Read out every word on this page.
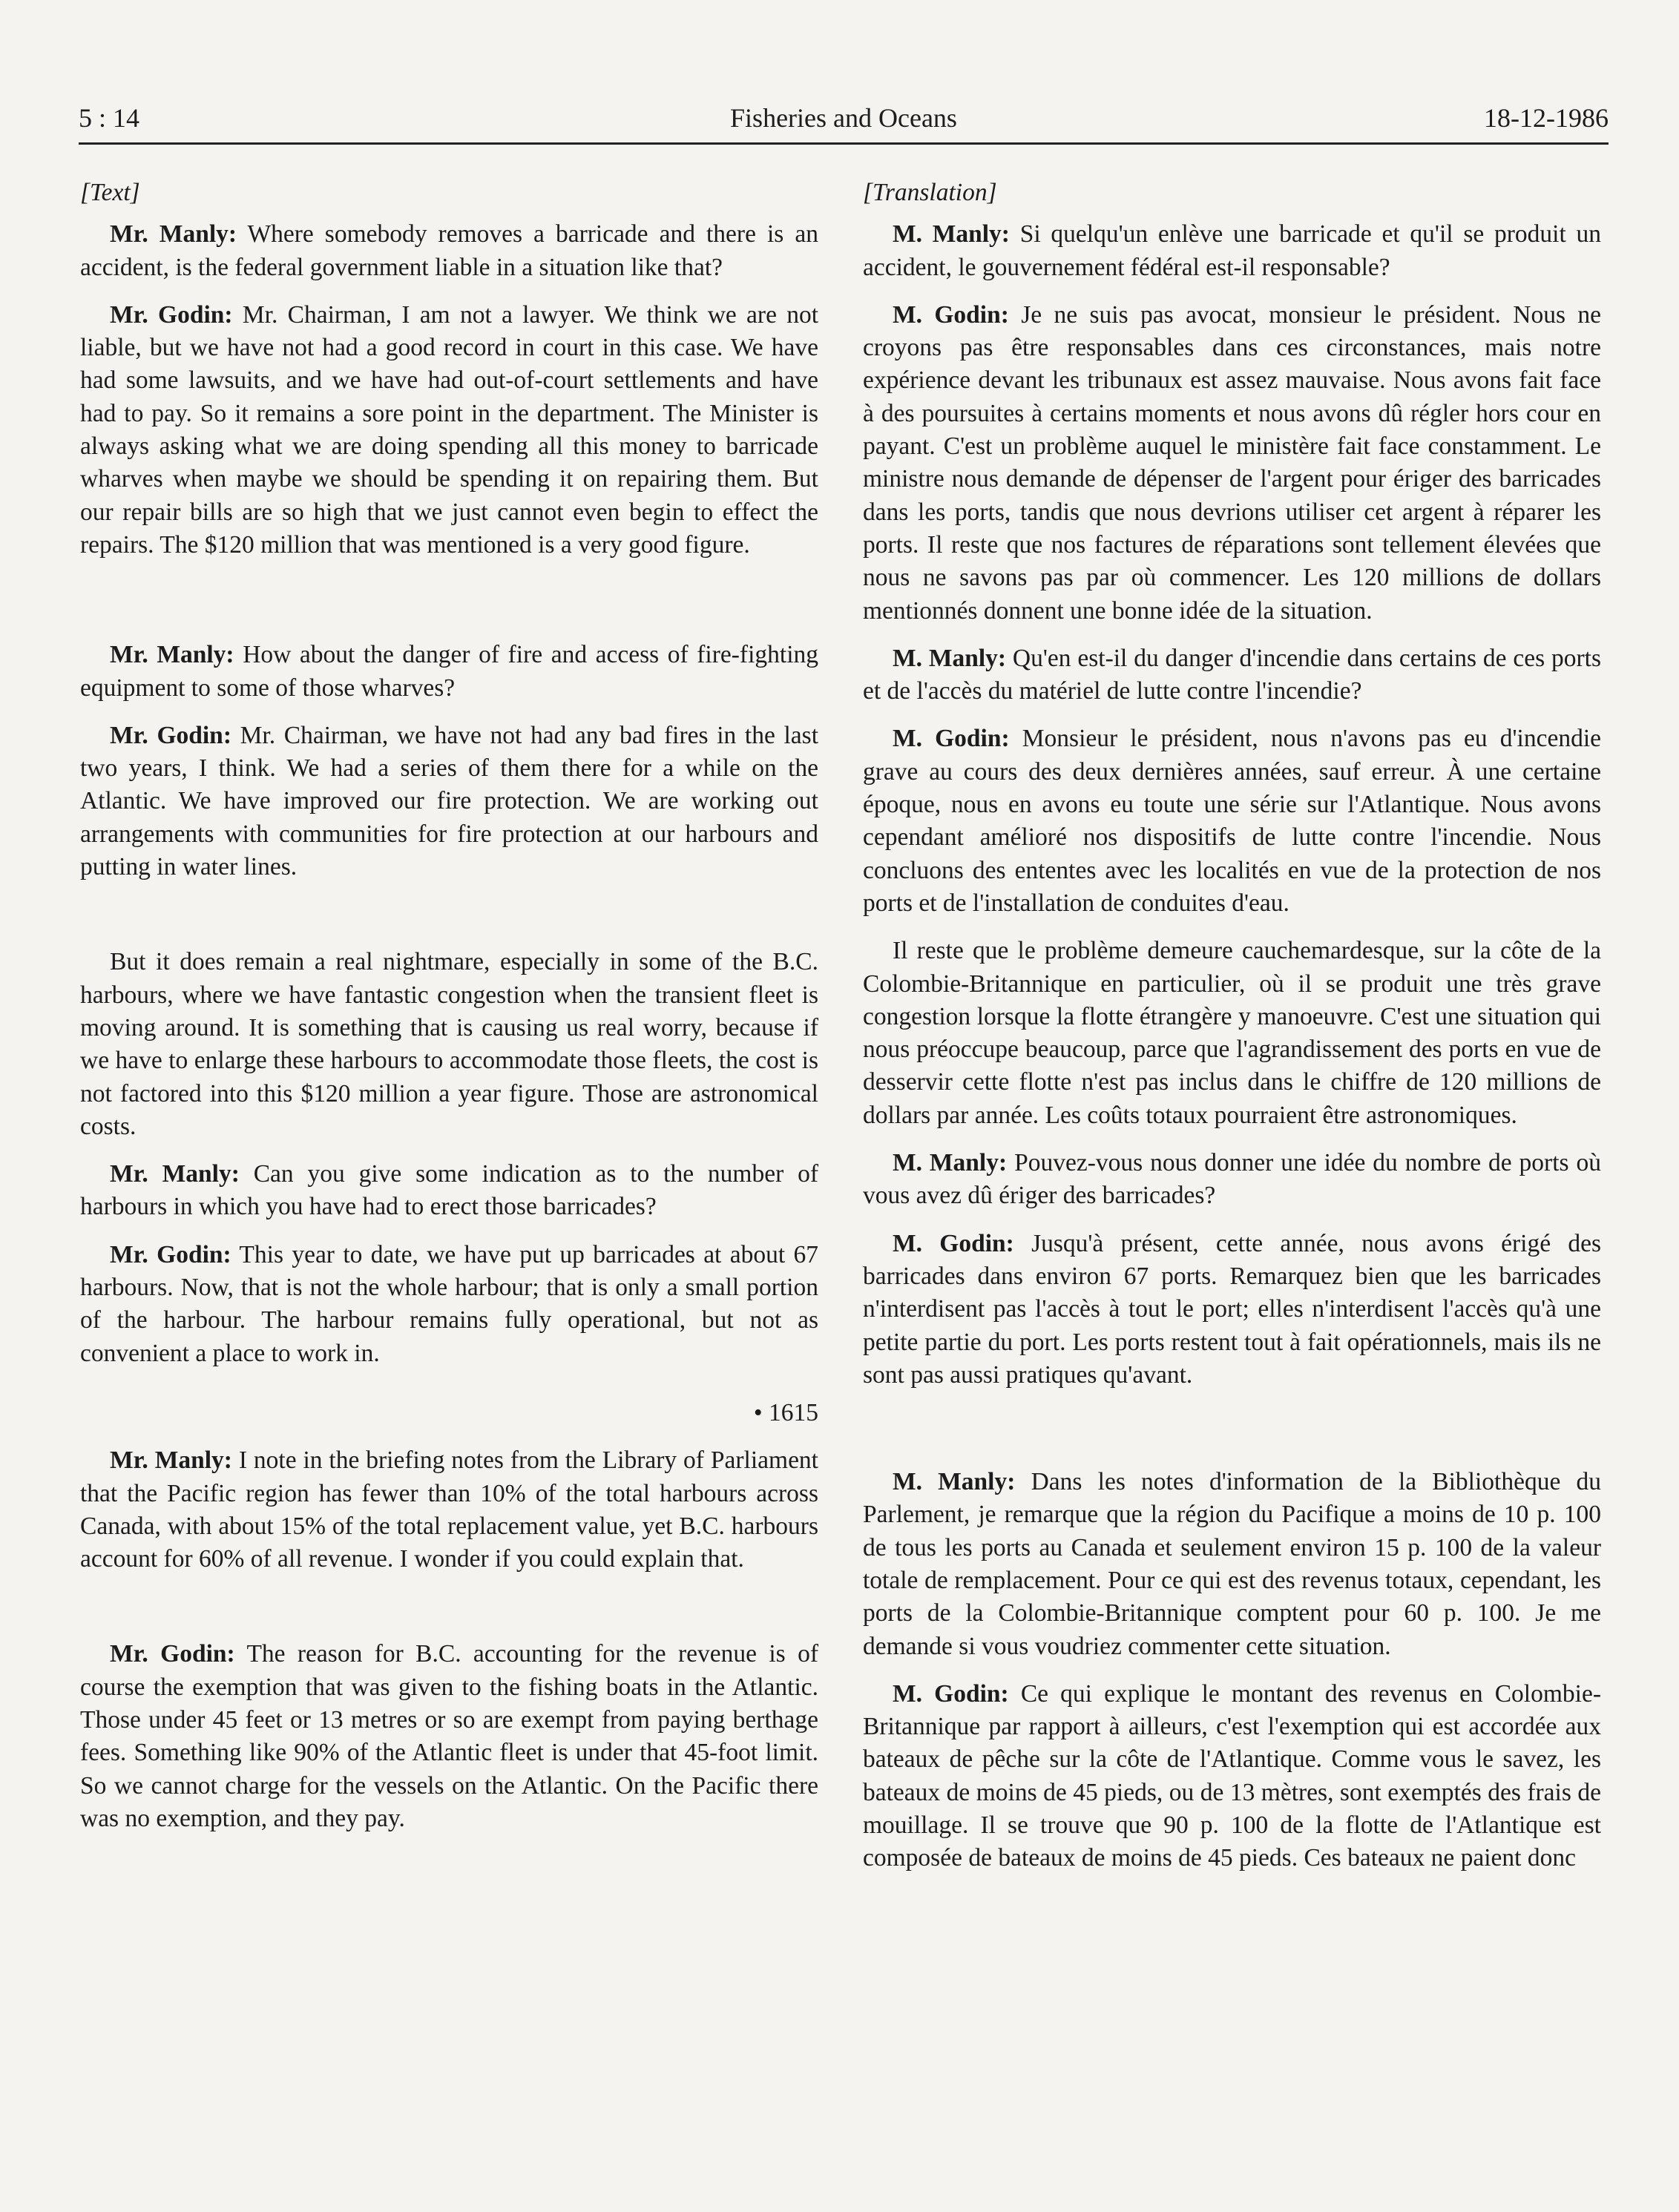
5 : 14	Fisheries and Oceans	18-12-1986

[Text]

Mr. Manly: Where somebody removes a barricade and there is an accident, is the federal government liable in a situation like that?

Mr. Godin: Mr. Chairman, I am not a lawyer. We think we are not liable, but we have not had a good record in court in this case. We have had some lawsuits, and we have had out-of-court settlements and have had to pay. So it remains a sore point in the department. The Minister is always asking what we are doing spending all this money to barricade wharves when maybe we should be spending it on repairing them. But our repair bills are so high that we just cannot even begin to effect the repairs. The $120 million that was mentioned is a very good figure.

Mr. Manly: How about the danger of fire and access of fire-fighting equipment to some of those wharves?

Mr. Godin: Mr. Chairman, we have not had any bad fires in the last two years, I think. We had a series of them there for a while on the Atlantic. We have improved our fire protection. We are working out arrangements with communities for fire protection at our harbours and putting in water lines.

But it does remain a real nightmare, especially in some of the B.C. harbours, where we have fantastic congestion when the transient fleet is moving around. It is something that is causing us real worry, because if we have to enlarge these harbours to accommodate those fleets, the cost is not factored into this $120 million a year figure. Those are astronomical costs.

Mr. Manly: Can you give some indication as to the number of harbours in which you have had to erect those barricades?

Mr. Godin: This year to date, we have put up barricades at about 67 harbours. Now, that is not the whole harbour; that is only a small portion of the harbour. The harbour remains fully operational, but not as convenient a place to work in.

• 1615

Mr. Manly: I note in the briefing notes from the Library of Parliament that the Pacific region has fewer than 10% of the total harbours across Canada, with about 15% of the total replacement value, yet B.C. harbours account for 60% of all revenue. I wonder if you could explain that.

Mr. Godin: The reason for B.C. accounting for the revenue is of course the exemption that was given to the fishing boats in the Atlantic. Those under 45 feet or 13 metres or so are exempt from paying berthage fees. Something like 90% of the Atlantic fleet is under that 45-foot limit. So we cannot charge for the vessels on the Atlantic. On the Pacific there was no exemption, and they pay.

[Translation]

M. Manly: Si quelqu'un enlève une barricade et qu'il se produit un accident, le gouvernement fédéral est-il responsable?

M. Godin: Je ne suis pas avocat, monsieur le président. Nous ne croyons pas être responsables dans ces circonstances, mais notre expérience devant les tribunaux est assez mauvaise. Nous avons fait face à des poursuites à certains moments et nous avons dû régler hors cour en payant. C'est un problème auquel le ministère fait face constamment. Le ministre nous demande de dépenser de l'argent pour ériger des barricades dans les ports, tandis que nous devrions utiliser cet argent à réparer les ports. Il reste que nos factures de réparations sont tellement élevées que nous ne savons pas par où commencer. Les 120 millions de dollars mentionnés donnent une bonne idée de la situation.

M. Manly: Qu'en est-il du danger d'incendie dans certains de ces ports et de l'accès du matériel de lutte contre l'incendie?

M. Godin: Monsieur le président, nous n'avons pas eu d'incendie grave au cours des deux dernières années, sauf erreur. À une certaine époque, nous en avons eu toute une série sur l'Atlantique. Nous avons cependant amélioré nos dispositifs de lutte contre l'incendie. Nous concluons des ententes avec les localités en vue de la protection de nos ports et de l'installation de conduites d'eau.

Il reste que le problème demeure cauchemardesque, sur la côte de la Colombie-Britannique en particulier, où il se produit une très grave congestion lorsque la flotte étrangère y manoeuvre. C'est une situation qui nous préoccupe beaucoup, parce que l'agrandissement des ports en vue de desservir cette flotte n'est pas inclus dans le chiffre de 120 millions de dollars par année. Les coûts totaux pourraient être astronomiques.

M. Manly: Pouvez-vous nous donner une idée du nombre de ports où vous avez dû ériger des barricades?

M. Godin: Jusqu'à présent, cette année, nous avons érigé des barricades dans environ 67 ports. Remarquez bien que les barricades n'interdisent pas l'accès à tout le port; elles n'interdisent l'accès qu'à une petite partie du port. Les ports restent tout à fait opérationnels, mais ils ne sont pas aussi pratiques qu'avant.

M. Manly: Dans les notes d'information de la Bibliothèque du Parlement, je remarque que la région du Pacifique a moins de 10 p. 100 de tous les ports au Canada et seulement environ 15 p. 100 de la valeur totale de remplacement. Pour ce qui est des revenus totaux, cependant, les ports de la Colombie-Britannique comptent pour 60 p. 100. Je me demande si vous voudriez commenter cette situation.

M. Godin: Ce qui explique le montant des revenus en Colombie-Britannique par rapport à ailleurs, c'est l'exemption qui est accordée aux bateaux de pêche sur la côte de l'Atlantique. Comme vous le savez, les bateaux de moins de 45 pieds, ou de 13 mètres, sont exemptés des frais de mouillage. Il se trouve que 90 p. 100 de la flotte de l'Atlantique est composée de bateaux de moins de 45 pieds. Ces bateaux ne paient donc
